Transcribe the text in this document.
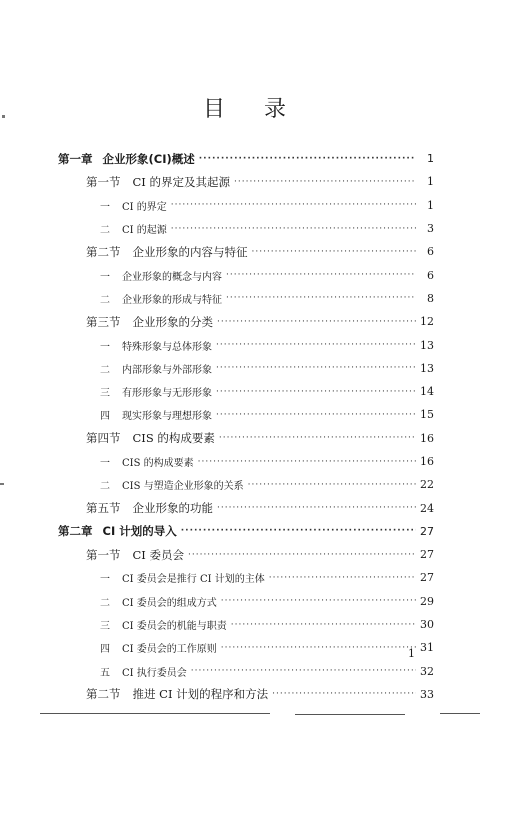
目 录
第一章 企业形象(CI)概述 ·····	1
第一节 CI 的界定及其起源 ·····	1
一	CI 的界定 ·····	1
二	CI 的起源 ·····	3
第二节 企业形象的内容与特征 ·····	6
一	企业形象的概念与内容 ·····	6
二	企业形象的形成与特征 ·····	8
第三节 企业形象的分类 ·····	12
一	特殊形象与总体形象 ·····	13
二	内部形象与外部形象 ·····	13
三	有形形象与无形形象 ·····	14
四	现实形象与理想形象 ·····	15
第四节 CIS 的构成要素 ·····	16
一	CIS 的构成要素 ·····	16
二	CIS 与塑造企业形象的关系 ·····	22
第五节 企业形象的功能 ·····	24
第二章 CI 计划的导入 ·····	27
第一节 CI 委员会 ·····	27
一	CI 委员会是推行 CI 计划的主体 ·····	27
二	CI 委员会的组成方式 ·····	29
三	CI 委员会的机能与职责 ·····	30
四	CI 委员会的工作原则 ·····	31
五	CI 执行委员会 ·····	32
第二节 推进 CI 计划的程序和方法 ·····	33
1
